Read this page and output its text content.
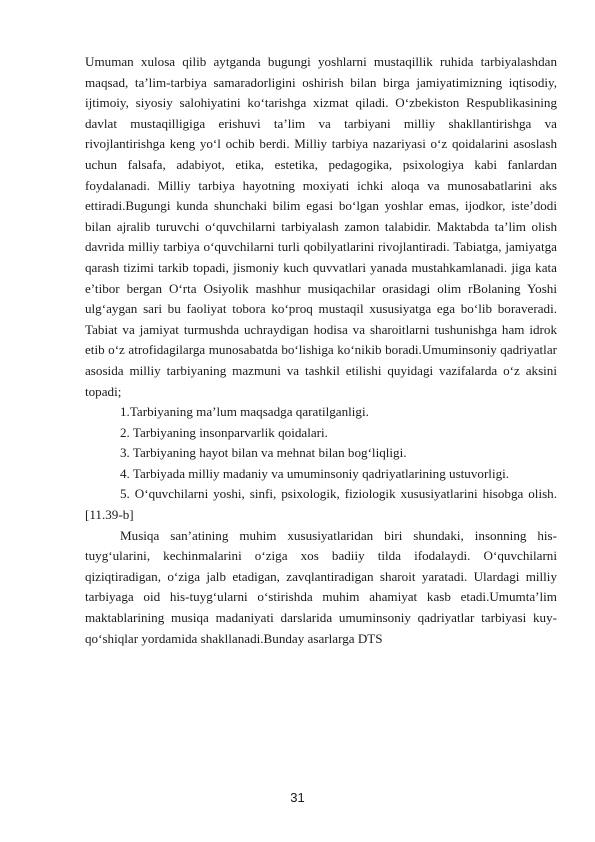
Umuman xulosa qilib aytganda bugungi yoshlarni mustaqillik ruhida tarbiyalashdan maqsad, ta’lim-tarbiya samaradorligini oshirish bilan birga jamiyatimizning iqtisodiy, ijtimoiy, siyosiy salohiyatini ko‘tarishga xizmat qiladi. O‘zbekiston Respublikasining davlat mustaqilligiga erishuvi ta’lim va tarbiyani milliy shakllantirishga va rivojlantirishga keng yo‘l ochib berdi. Milliy tarbiya nazariyasi o‘z qoidalarini asoslash uchun falsafa, adabiyot, etika, estetika, pedagogika, psixologiya kabi fanlardan foydalanadi. Milliy tarbiya hayotning moxiyati ichki aloqa va munosabatlarini aks ettiradi.Bugungi kunda shunchaki bilim egasi bo‘lgan yoshlar emas, ijodkor, iste’dodi bilan ajralib turuvchi o‘quvchilarni tarbiyalash zamon talabidir. Maktabda ta’lim olish davrida milliy tarbiya o‘quvchilarni turli qobilyatlarini rivojlantiradi. Tabiatga, jamiyatga qarash tizimi tarkib topadi, jismoniy kuch quvvatlari yanada mustahkamlanadi. jiga kata e’tibor bergan O‘rta Osiyolik mashhur musiqachilar orasidagi olim rBolaning Yoshi ulg‘aygan sari bu faoliyat tobora ko‘proq mustaqil xususiyatga ega bo‘lib boraveradi. Tabiat va jamiyat turmushda uchraydigan hodisa va sharoitlarni tushunishga ham idrok etib o‘z atrofidagilarga munosabatda bo‘lishiga ko‘nikib boradi.Umuminsoniy qadriyatlar asosida milliy tarbiyaning mazmuni va tashkil etilishi quyidagi vazifalarda o‘z aksini topadi;

1.Tarbiyaning ma’lum maqsadga qaratilganligi.

2. Tarbiyaning insonparvarlik qoidalari.

3. Tarbiyaning hayot bilan va mehnat bilan bog‘liqligi.

4. Tarbiyada milliy madaniy va umuminsoniy qadriyatlarining ustuvorligi.

5. O‘quvchilarni yoshi, sinfi, psixologik, fiziologik xususiyatlarini hisobga olish. [11.39-b]

Musiqa san’atining muhim xususiyatlaridan biri shundaki, insonning his-tuyg‘ularini, kechinmalarini o‘ziga xos badiiy tilda ifodalaydi. O‘quvchilarni qiziqtiradigan, o‘ziga jalb etadigan, zavqlantiradigan sharoit yaratadi. Ulardagi milliy tarbiyaga oid his-tuyg‘ularni o‘stirishda muhim ahamiyat kasb etadi.Umumta’lim maktablarining musiqa madaniyati darslarida umuminsoniy qadriyatlar tarbiyasi kuy-qo‘shiqlar yordamida shakllanadi.Bunday asarlarga DTS

31
